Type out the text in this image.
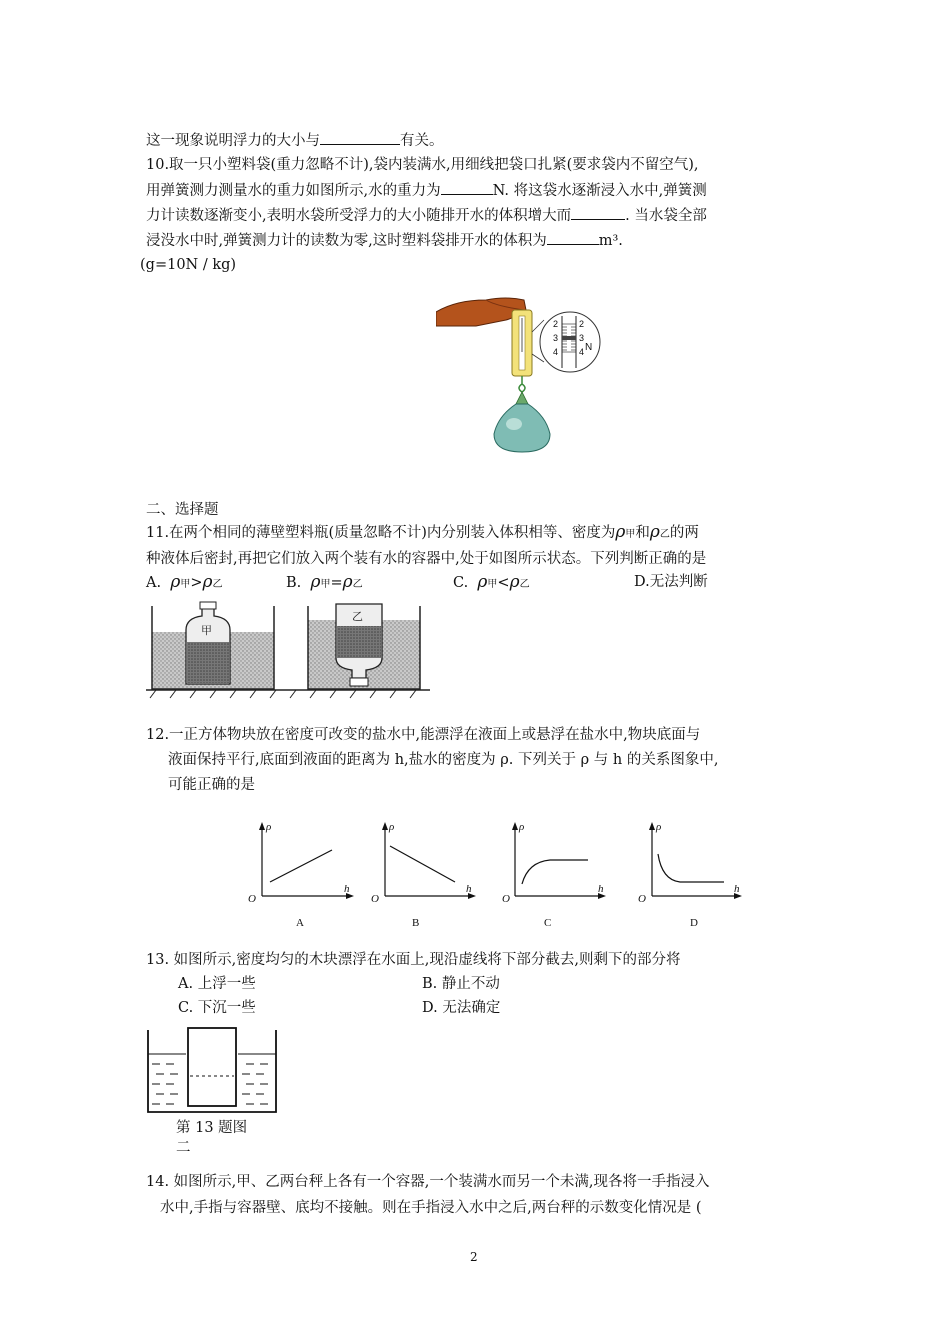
这一现象说明浮力的大小与	有关。
10.取一只小塑料袋(重力忽略不计),袋内装满水,用细线把袋口扎紧(要求袋内不留空气),
用弹簧测力测量水的重力如图所示,水的重力为	N. 将这袋水逐渐浸入水中,弹簧测
力计读数逐渐变小,表明水袋所受浮力的大小随排开水的体积增大而	. 当水袋全部
浸没水中时,弹簧测力计的读数为零,这时塑料袋排开水的体积为	m³.
(g=10N / kg)
2
3
4
2
3
4 N
二、选择题
11.在两个相同的薄壁塑料瓶(质量忽略不计)内分别装入体积相等、密度为ρ甲和ρ乙的两
种液体后密封,再把它们放入两个装有水的容器中,处于如图所示状态。下列判断正确的是
A. ρ甲>ρ乙	B. ρ甲=ρ乙	C. ρ甲<ρ乙	D.无法判断
甲
乙
12.一正方体物块放在密度可改变的盐水中,能漂浮在液面上或悬浮在盐水中,物块底面与
液面保持平行,底面到液面的距离为 h,盐水的密度为 ρ. 下列关于 ρ 与 h 的关系图象中,
可能正确的是
ρ
h
O
A
ρ
h
O
B
ρ
h
O
C
ρ
h
O
D
13. 如图所示,密度均匀的木块漂浮在水面上,现沿虚线将下部分截去,则剩下的部分将
A. 上浮一些	B. 静止不动
C. 下沉一些	D. 无法确定
第 13 题图
二
14. 如图所示,甲、乙两台秤上各有一个容器,一个装满水而另一个未满,现各将一手指浸入
水中,手指与容器壁、底均不接触。则在手指浸入水中之后,两台秤的示数变化情况是 (
2
